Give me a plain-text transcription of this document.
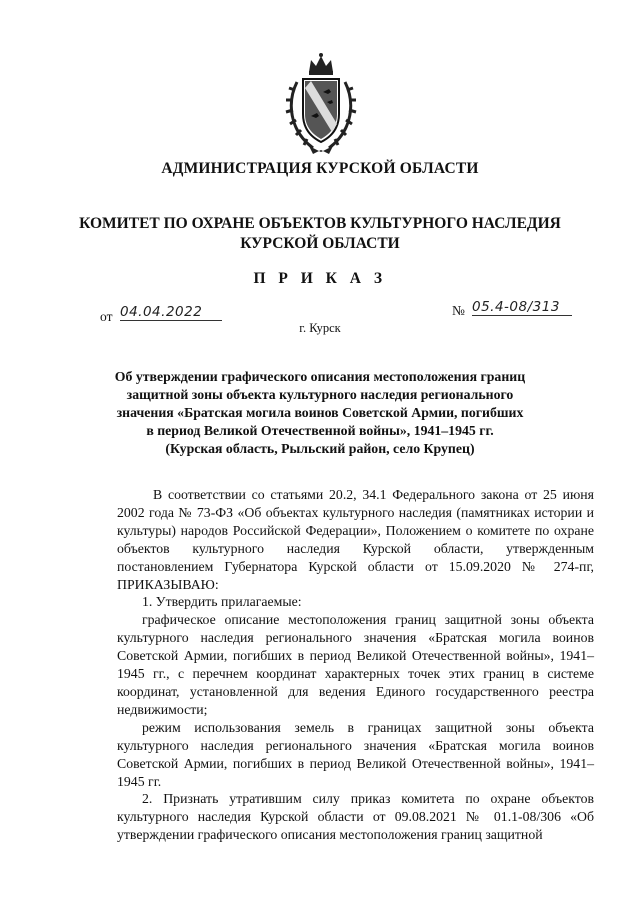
АДМИНИСТРАЦИЯ КУРСКОЙ ОБЛАСТИ
КОМИТЕТ ПО ОХРАНЕ ОБЪЕКТОВ КУЛЬТУРНОГО НАСЛЕДИЯ
КУРСКОЙ ОБЛАСТИ
П Р И К А З
от 04.04.2022	№ 05.4-08/313
г. Курск
Об утверждении графического описания местоположения границ
защитной зоны объекта культурного наследия регионального
значения «Братская могила воинов Советской Армии, погибших
в период Великой Отечественной войны», 1941–1945 гг.
(Курская область, Рыльский район, село Крупец)

В соответствии со статьями 20.2, 34.1 Федерального закона от 25 июня 2002 года № 73-ФЗ «Об объектах культурного наследия (памятниках истории и культуры) народов Российской Федерации», Положением о комитете по охране объектов культурного наследия Курской области, утвержденным постановлением Губернатора Курской области от 15.09.2020 № 274-пг, ПРИКАЗЫВАЮ:

1. Утвердить прилагаемые:

графическое описание местоположения границ защитной зоны объекта культурного наследия регионального значения «Братская могила воинов Советской Армии, погибших в период Великой Отечественной войны», 1941–1945 гг., с перечнем координат характерных точек этих границ в системе координат, установленной для ведения Единого государственного реестра недвижимости;

режим использования земель в границах защитной зоны объекта культурного наследия регионального значения «Братская могила воинов Советской Армии, погибших в период Великой Отечественной войны», 1941–1945 гг.

2. Признать утратившим силу приказ комитета по охране объектов культурного наследия Курской области от 09.08.2021 № 01.1-08/306 «Об утверждении графического описания местоположения границ защитной
